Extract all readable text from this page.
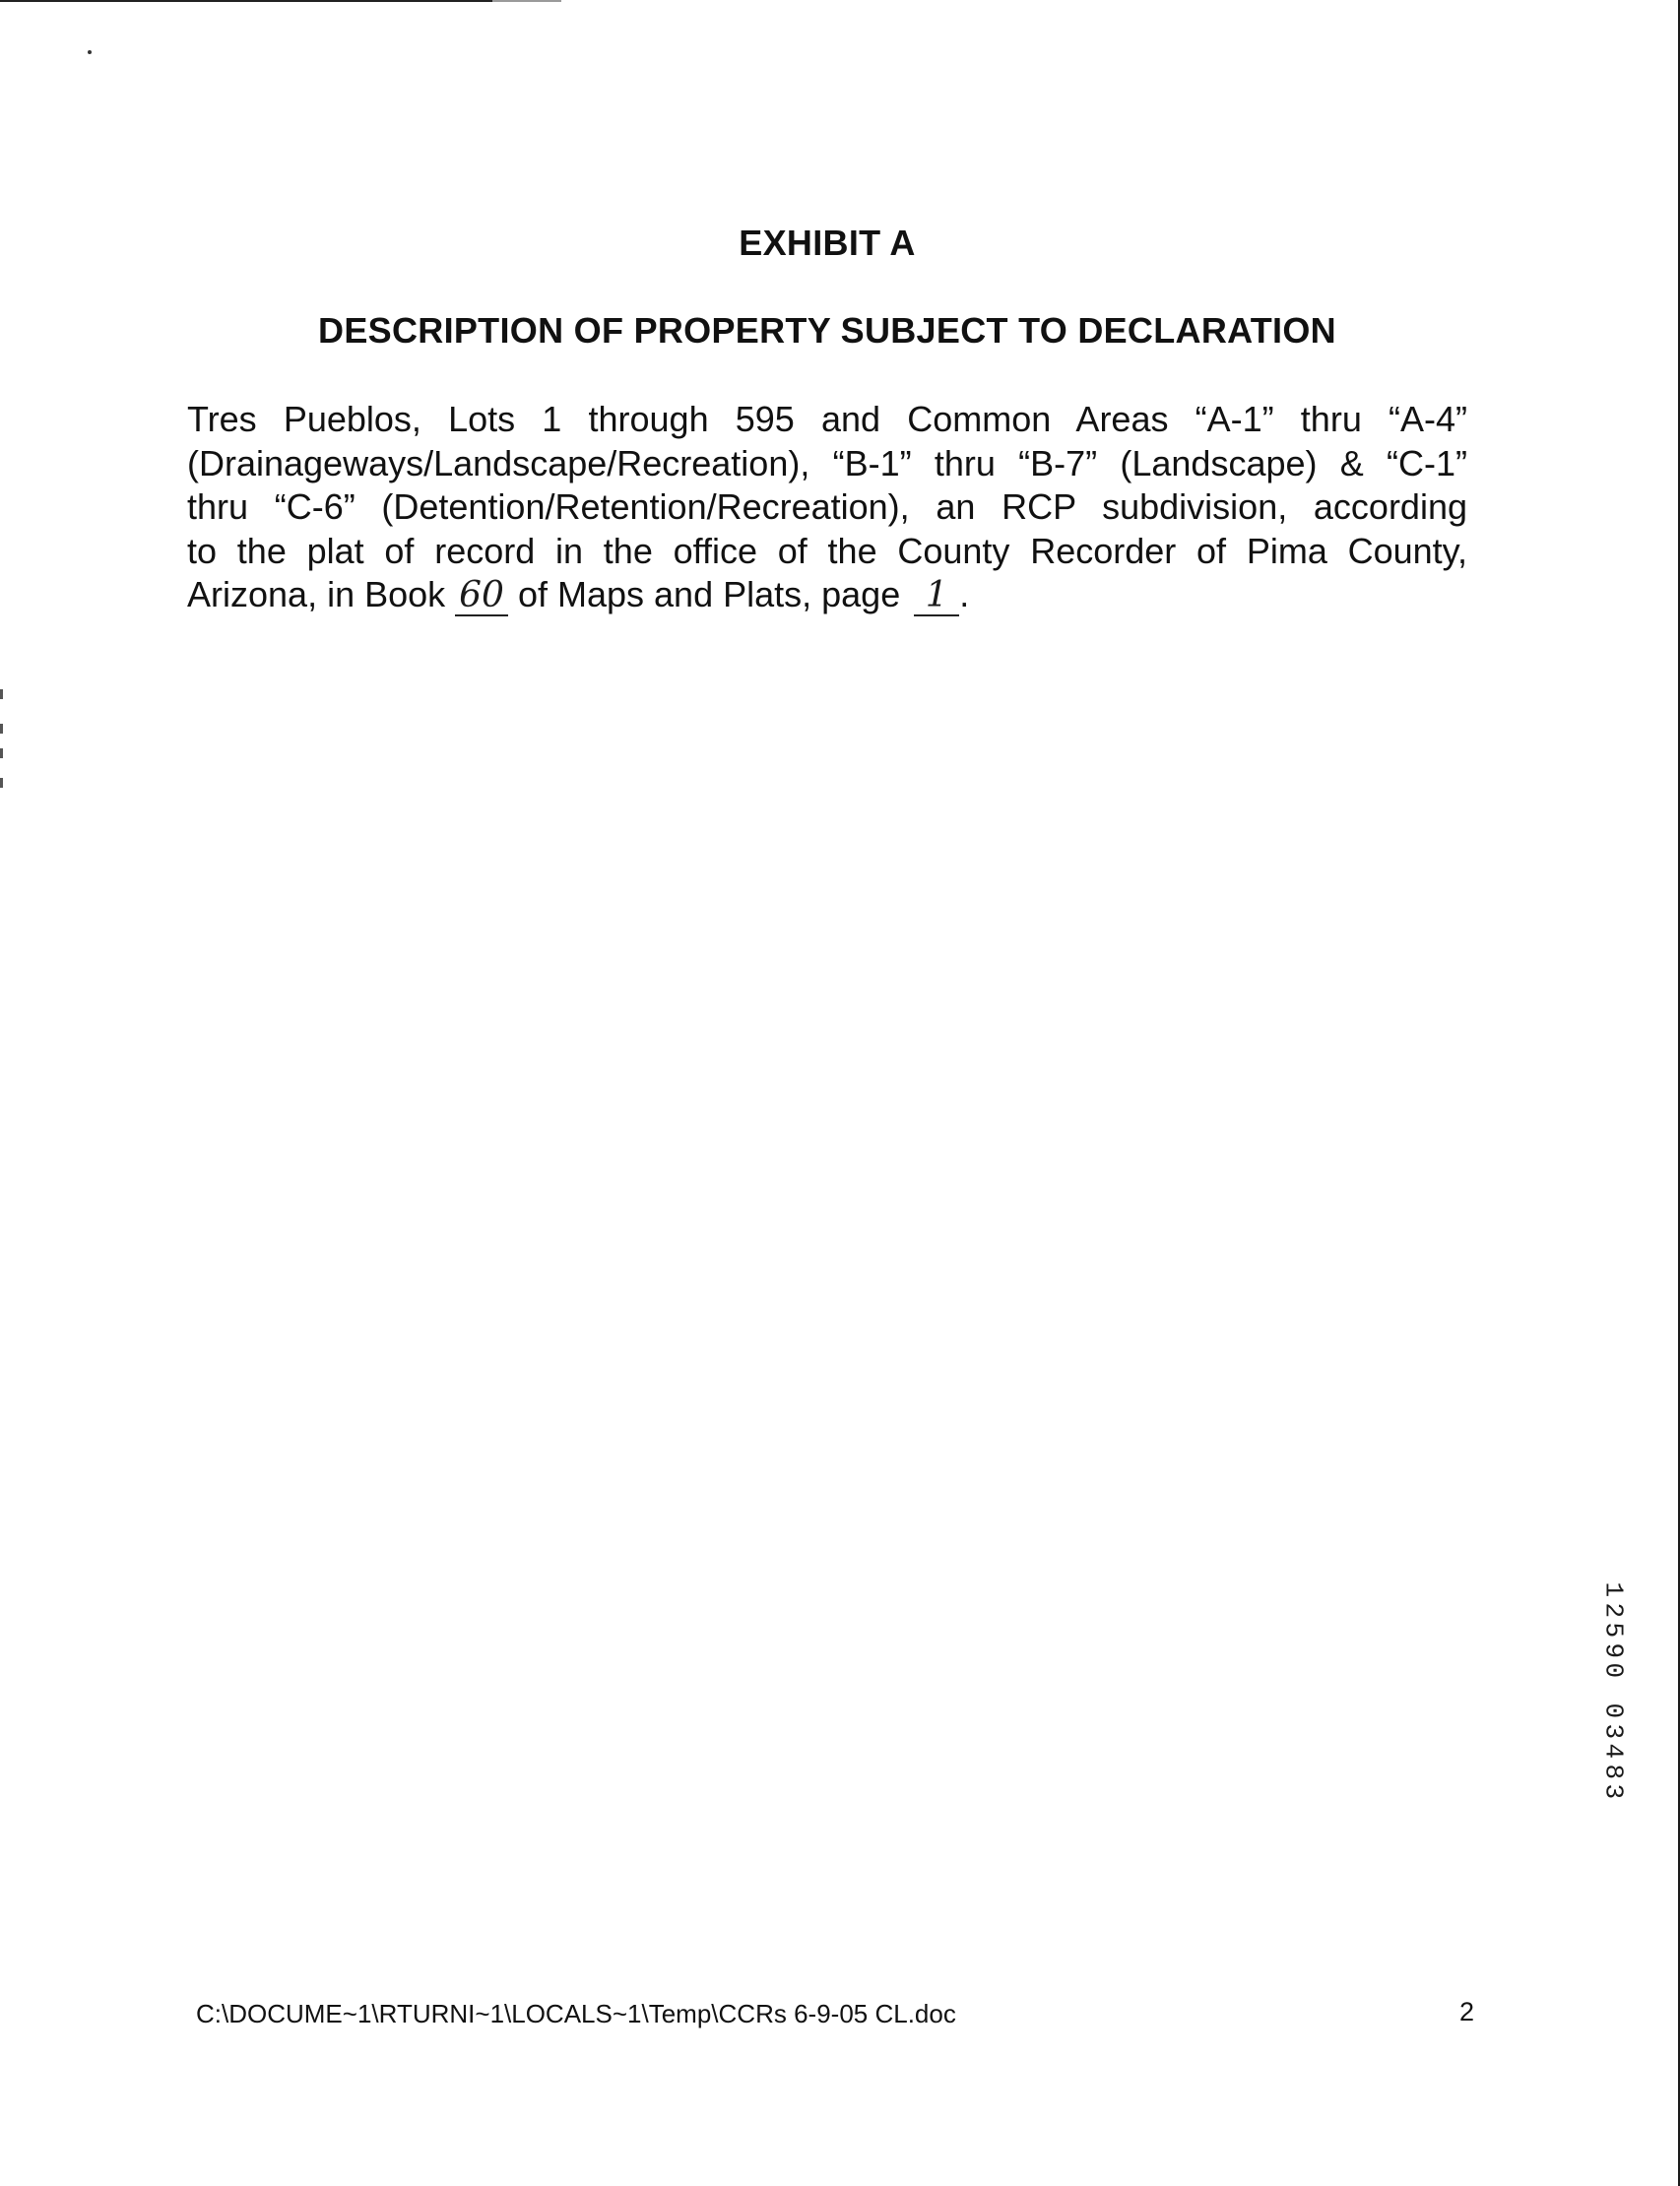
EXHIBIT A
DESCRIPTION OF PROPERTY SUBJECT TO DECLARATION
Tres Pueblos, Lots 1 through 595 and Common Areas “A-1” thru “A-4”
(Drainageways/Landscape/Recreation), “B-1” thru “B-7” (Landscape) & “C-1”
thru “C-6” (Detention/Retention/Recreation), an RCP subdivision, according
to the plat of record in the office of the County Recorder of Pima County,
Arizona, in Book 60 of Maps and Plats, page 1 .
1
2
5
9
0

0
3
4
8
3
C:\DOCUME~1\RTURNI~1\LOCALS~1\Temp\CCRs 6-9-05 CL.doc	2
